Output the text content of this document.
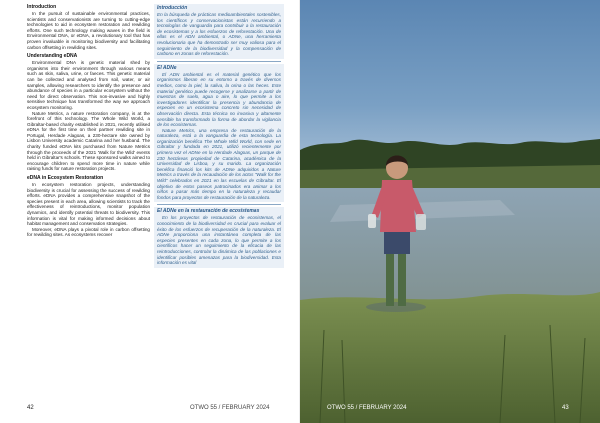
Introduction

In the pursuit of sustainable environmental practices, scientists and conservationists are turning to cutting-edge technologies to aid in ecosystem restoration and rewilding efforts. One such technology making waves in the field is Environmental DNA, or eDNA, a revolutionary tool that has proven invaluable in monitoring biodiversity and facilitating carbon offsetting in rewilding sites.

Understanding eDNA

Environmental DNA is genetic material shed by organisms into their environment through various means such as skin, saliva, urine, or faeces. This genetic material can be collected and analysed from soil, water, or air samples, allowing researchers to identify the presence and abundance of species in a particular ecosystem without the need for direct observation. This non-invasive and highly sensitive technique has transformed the way we approach ecosystem monitoring.

Nature Metrics, a nature restoration company, is at the forefront of this technology. The Whole Wild World, a Gibraltar-based charity established in 2021, recently utilised eDNA for the first time on their partner rewilding site in Portugal, Herdade Alagoas, a 230-hectare site owned by Lisbon University academic Catarina and her husband. The charity funded eDNA kits purchased from Nature Metrics through the proceeds of the 2021 'Walk for the Wild' events held in Gibraltar's schools. These sponsored walks aimed to encourage children to spend more time in nature while raising funds for nature restoration projects.

eDNA in Ecosystem Restoration

In ecosystem restoration projects, understanding biodiversity is crucial for assessing the success of rewilding efforts. eDNA provides a comprehensive snapshot of the species present in each area, allowing scientists to track the effectiveness of reintroductions, monitor population dynamics, and identify potential threats to biodiversity. This information is vital for making informed decisions about habitat management and conservation strategies.

Moreover, eDNA plays a pivotal role in carbon offsetting for rewilding sites. As ecosystems recover

Introducción

En la búsqueda de prácticas medioambientales sostenibles, los científicos y conservacionistas están recurriendo a tecnologías de vanguardia para contribuir a la restauración de ecosistemas y a los esfuerzos de reforestación. Una de ellas es el ADN ambiental, o ADNe, una herramienta revolucionaria que ha demostrado ser muy valiosa para el seguimiento de la biodiversidad y la compensación de carbono en zonas de reforestación.

El ADNe

El ADN ambiental es el material genético que los organismos liberan en su entorno a través de diversos medios, como la piel, la saliva, la orina o las heces. Este material genético puede recogerse y analizarse a partir de muestras de suelo, agua o aire, lo que permite a los investigadores identificar la presencia y abundancia de especies en un ecosistema concreto sin necesidad de observación directa. Esta técnica no invasiva y altamente sensible ha transformado la forma de abordar la vigilancia de los ecosistemas.

Nature Metrics, una empresa de restauración de la naturaleza, está a la vanguardia de esta tecnología. La organización benéfica The Whole Wild World, con sede en Gibraltar y fundada en 2021, utilizó recientemente por primera vez el ADNe en la Herdade Alagoas, un parque de 230 hectáreas propiedad de Catarina, académica de la Universidad de Lisboa, y su marido. La organización benéfica financió los kits de ADNe adquiridos a Nature Metrics a través de la recaudación de los actos "Walk for the Wild" celebrados en 2021 en las escuelas de Gibraltar. El objetivo de estos paseos patrocinados era animar a los niños a pasar más tiempo en la naturaleza y recaudar fondos para proyectos de restauración de la naturaleza.

El ADNe en la restauración de ecosistemas

En los proyectos de restauración de ecosistemas, el conocimiento de la biodiversidad es crucial para evaluar el éxito de los esfuerzos de recuperación de la naturaleza. El ADNe proporciona una instantánea completa de las especies presentes en cada zona, lo que permite a los científicos hacer un seguimiento de la eficacia de las reintroducciones, controlar la dinámica de las poblaciones e identificar posibles amenazas para la biodiversidad. Esta información es vital

42	OTWO 55 / FEBRUARY 2024	OTWO 55 / FEBRUARY 2024	43
